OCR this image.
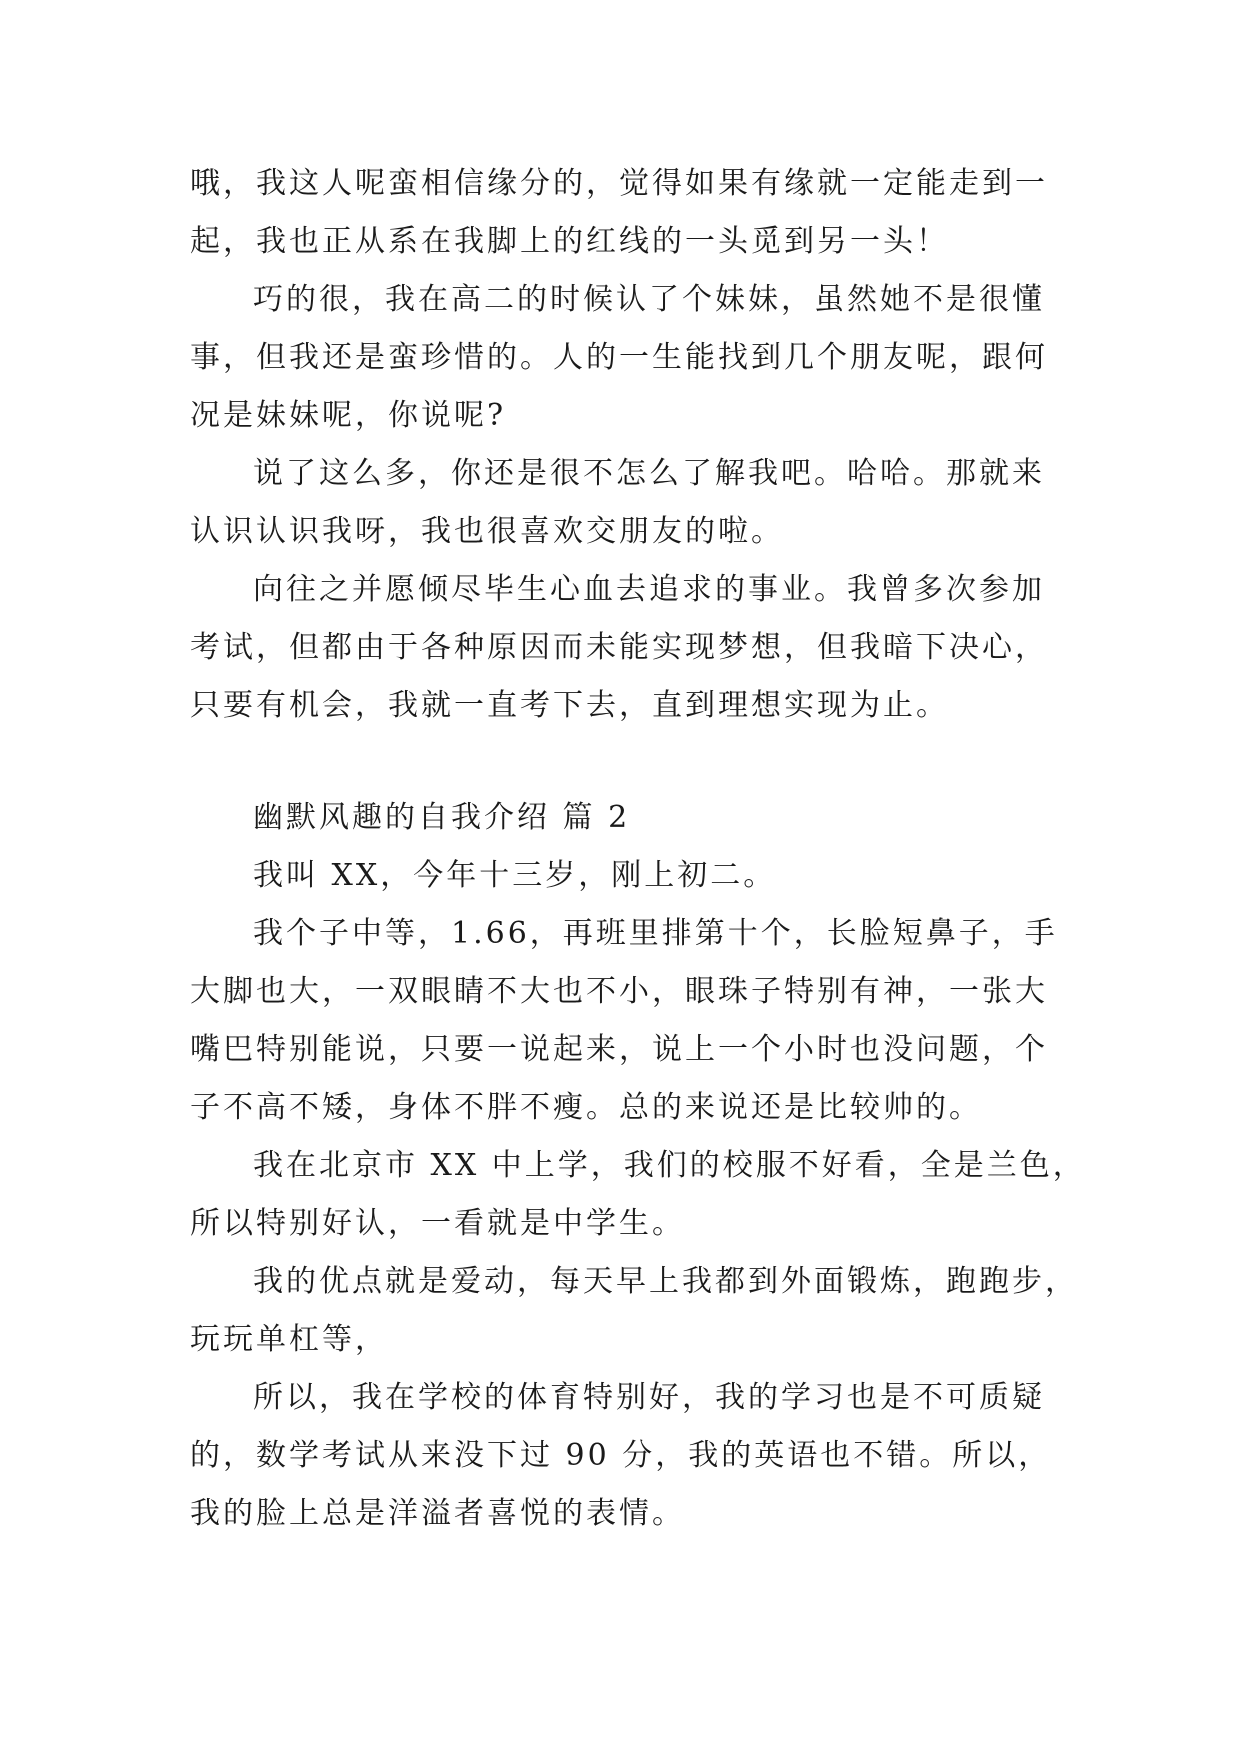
哦，我这人呢蛮相信缘分的，觉得如果有缘就一定能走到一
起，我也正从系在我脚上的红线的一头觅到另一头！
巧的很，我在高二的时候认了个妹妹，虽然她不是很懂
事，但我还是蛮珍惜的。人的一生能找到几个朋友呢，跟何
况是妹妹呢，你说呢?
说了这么多，你还是很不怎么了解我吧。哈哈。那就来
认识认识我呀，我也很喜欢交朋友的啦。
向往之并愿倾尽毕生心血去追求的事业。我曾多次参加
考试，但都由于各种原因而未能实现梦想，但我暗下决心，
只要有机会，我就一直考下去，直到理想实现为止。
幽默风趣的自我介绍 篇 2
我叫 XX，今年十三岁，刚上初二。
我个子中等，1.66，再班里排第十个，长脸短鼻子，手
大脚也大，一双眼睛不大也不小，眼珠子特别有神，一张大
嘴巴特别能说，只要一说起来，说上一个小时也没问题，个
子不高不矮，身体不胖不瘦。总的来说还是比较帅的。
我在北京市 XX 中上学，我们的校服不好看，全是兰色，
所以特别好认，一看就是中学生。
我的优点就是爱动，每天早上我都到外面锻炼，跑跑步，
玩玩单杠等，
所以，我在学校的体育特别好，我的学习也是不可质疑
的，数学考试从来没下过 90 分，我的英语也不错。所以，
我的脸上总是洋溢者喜悦的表情。
